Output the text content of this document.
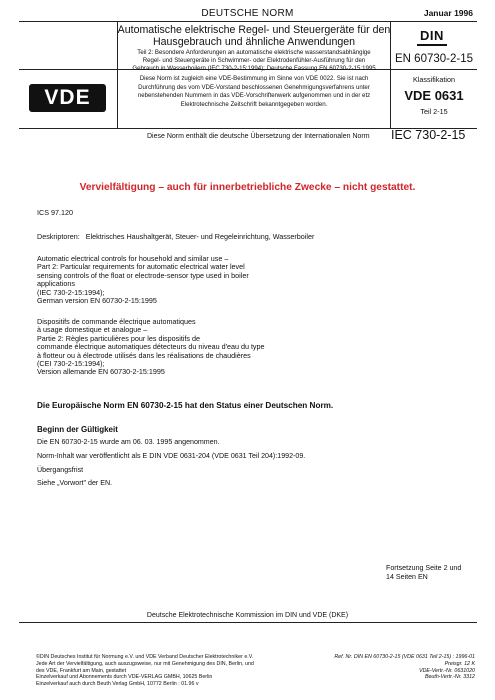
DEUTSCHE NORM	Januar 1996
Automatische elektrische Regel- und Steuergeräte für den
Hausgebrauch und ähnliche Anwendungen
Teil 2: Besondere Anforderungen an automatische elektrische wasserstandsabhängige
Regel- und Steuergeräte in Schwimmer- oder Elektrodenfühler-Ausführung für den
Gebrauch in Wasserboilern (IEC 730-2-15:1994); Deutsche Fassung EN 60730-2-15:1995
DIN
EN 60730-2-15
VDE
Diese Norm ist zugleich eine VDE-Bestimmung im Sinne von VDE 0022. Sie ist nach
Durchführung des vom VDE-Vorstand beschlossenen Genehmigungsverfahrens unter
nebenstehenden Nummern in das VDE-Vorschriftenwerk aufgenommen und in der etz
Elektrotechnische Zeitschrift bekanntgegeben worden.
Klassifikation
VDE 0631
Teil 2-15
Diese Norm enthält die deutsche Übersetzung der Internationalen Norm IEC 730-2-15
Vervielfältigung – auch für innerbetriebliche Zwecke – nicht gestattet.
ICS 97.120
Deskriptoren:   Elektrisches Haushaltgerät, Steuer- und Regeleinrichtung, Wasserboiler
Automatic electrical controls for household and similar use –
Part 2: Particular requirements for automatic electrical water level
sensing controls of the float or electrode-sensor type used in boiler
applications
(IEC 730-2-15:1994);
German version EN 60730-2-15:1995
Dispositifs de commande électrique automatiques
à usage domestique et analogue –
Partie 2: Règles particulières pour les dispositifs de
commande électrique automatiques détecteurs du niveau d'eau du type
à flotteur ou à électrode utilisés dans les réalisations de chaudières
(CEI 730-2-15:1994);
Version allemande EN 60730-2-15:1995
Die Europäische Norm EN 60730-2-15 hat den Status einer Deutschen Norm.
Beginn der Gültigkeit
Die EN 60730-2-15 wurde am 06. 03. 1995 angenommen.
Norm-Inhalt war veröffentlicht als E DIN VDE 0631-204 (VDE 0631 Teil 204):1992-09.
Übergangsfrist
Siehe „Vorwort" der EN.
Fortsetzung Seite 2 und
14 Seiten EN
Deutsche Elektrotechnische Kommission im DIN und VDE (DKE)
©DIN Deutsches Institut für Normung e.V. und VDE Verband Deutscher Elektrotechniker e.V.
Jede Art der Vervielfältigung, auch auszugsweise, nur mit Genehmigung des DIN, Berlin, und
des VDE, Frankfurt am Main, gestattet
Einzelverkauf und Abonnements durch VDE-VERLAG GMBH, 10625 Berlin
Einzelverkauf auch durch Beuth Verlag GmbH, 10772 Berlin : 01.96 v
Ref. Nr. DIN EN 60730-2-15 (VDE 0631 Teil 2-15) : 1996-01
Preisgr. 12 K
VDE-Vertr.-Nr. 0631020
Beuth-Vertr.-Nr. 3312
